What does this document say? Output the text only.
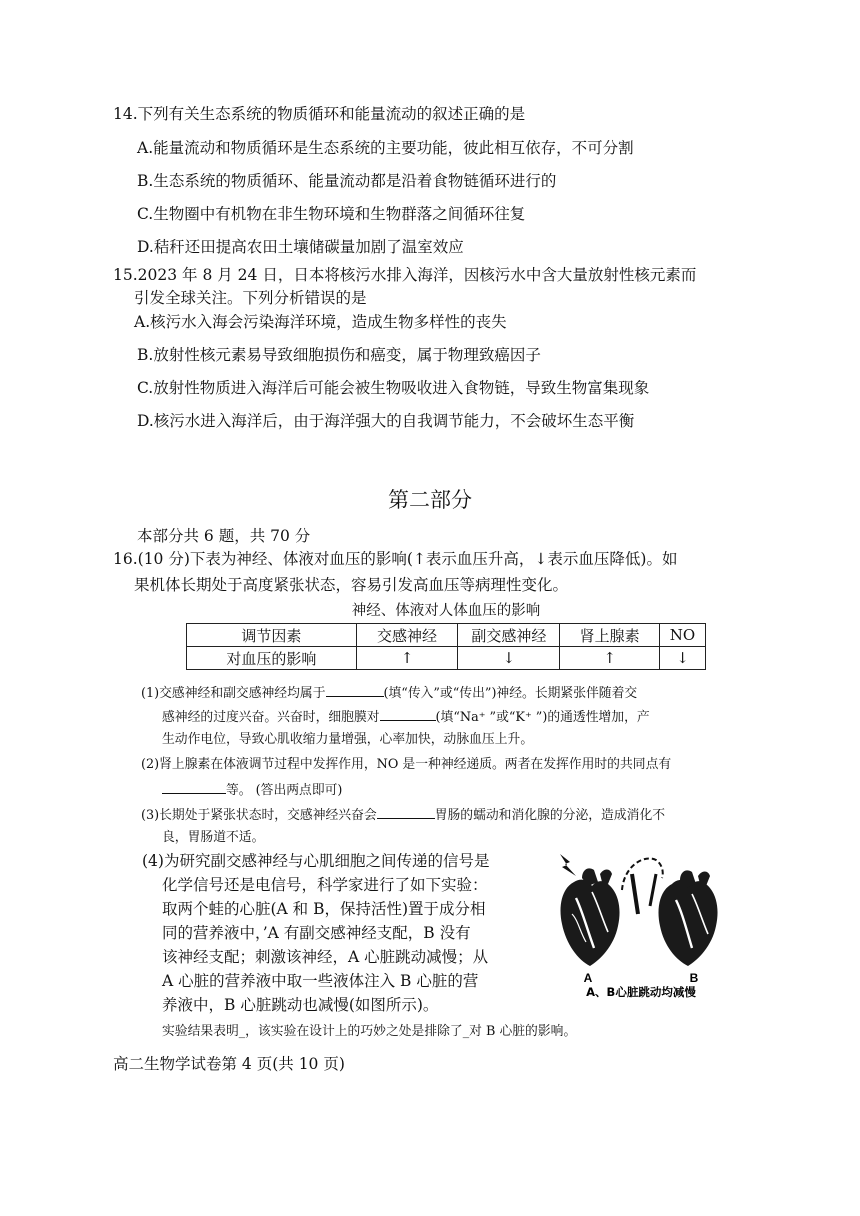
14.下列有关生态系统的物质循环和能量流动的叙述正确的是
A.能量流动和物质循环是生态系统的主要功能，彼此相互依存，不可分割
B.生态系统的物质循环、能量流动都是沿着食物链循环进行的
C.生物圈中有机物在非生物环境和生物群落之间循环往复
D.秸秆还田提高农田土壤储碳量加剧了温室效应
15.2023 年 8 月 24 日，日本将核污水排入海洋，因核污水中含大量放射性核元素而
引发全球关注。下列分析错误的是
A.核污水入海会污染海洋环境，造成生物多样性的丧失
B.放射性核元素易导致细胞损伤和癌变，属于物理致癌因子
C.放射性物质进入海洋后可能会被生物吸收进入食物链，导致生物富集现象
D.核污水进入海洋后，由于海洋强大的自我调节能力，不会破坏生态平衡
第二部分
本部分共 6 题，共 70 分
16.(10 分)下表为神经、体液对血压的影响(↑表示血压升高，↓表示血压降低)。如
果机体长期处于高度紧张状态，容易引发高血压等病理性变化。
神经、体液对人体血压的影响
调节因素	交感神经	副交感神经	肾上腺素	NO
对血压的影响	↑	↓	↑	↓
(1)交感神经和副交感神经均属于	(填“传入”或“传出”)神经。长期紧张伴随着交
感神经的过度兴奋。兴奋时，细胞膜对	(填“Na⁺ ”或“K⁺ ”)的通透性增加，产
生动作电位，导致心肌收缩力量增强，心率加快，动脉血压上升。
(2)肾上腺素在体液调节过程中发挥作用，NO 是一种神经递质。两者在发挥作用时的共同点有
等。 (答出两点即可)
(3)长期处于紧张状态时，交感神经兴奋会	胃肠的蠕动和消化腺的分泌，造成消化不
良，胃肠道不适。
(4)为研究副交感神经与心肌细胞之间传递的信号是
化学信号还是电信号，科学家进行了如下实验：
取两个蛙的心脏(A 和 B，保持活性)置于成分相
同的营养液中，’A 有副交感神经支配，B 没有
该神经支配；刺激该神经，A 心脏跳动减慢；从
A 心脏的营养液中取一些液体注入 B 心脏的营
养液中，B 心脏跳动也减慢(如图所示)。
实验结果表明_，该实验在设计上的巧妙之处是排除了_对 B 心脏的影响。
A	B
A、B心脏跳动均减慢
高二生物学试卷第 4 页(共 10 页)
